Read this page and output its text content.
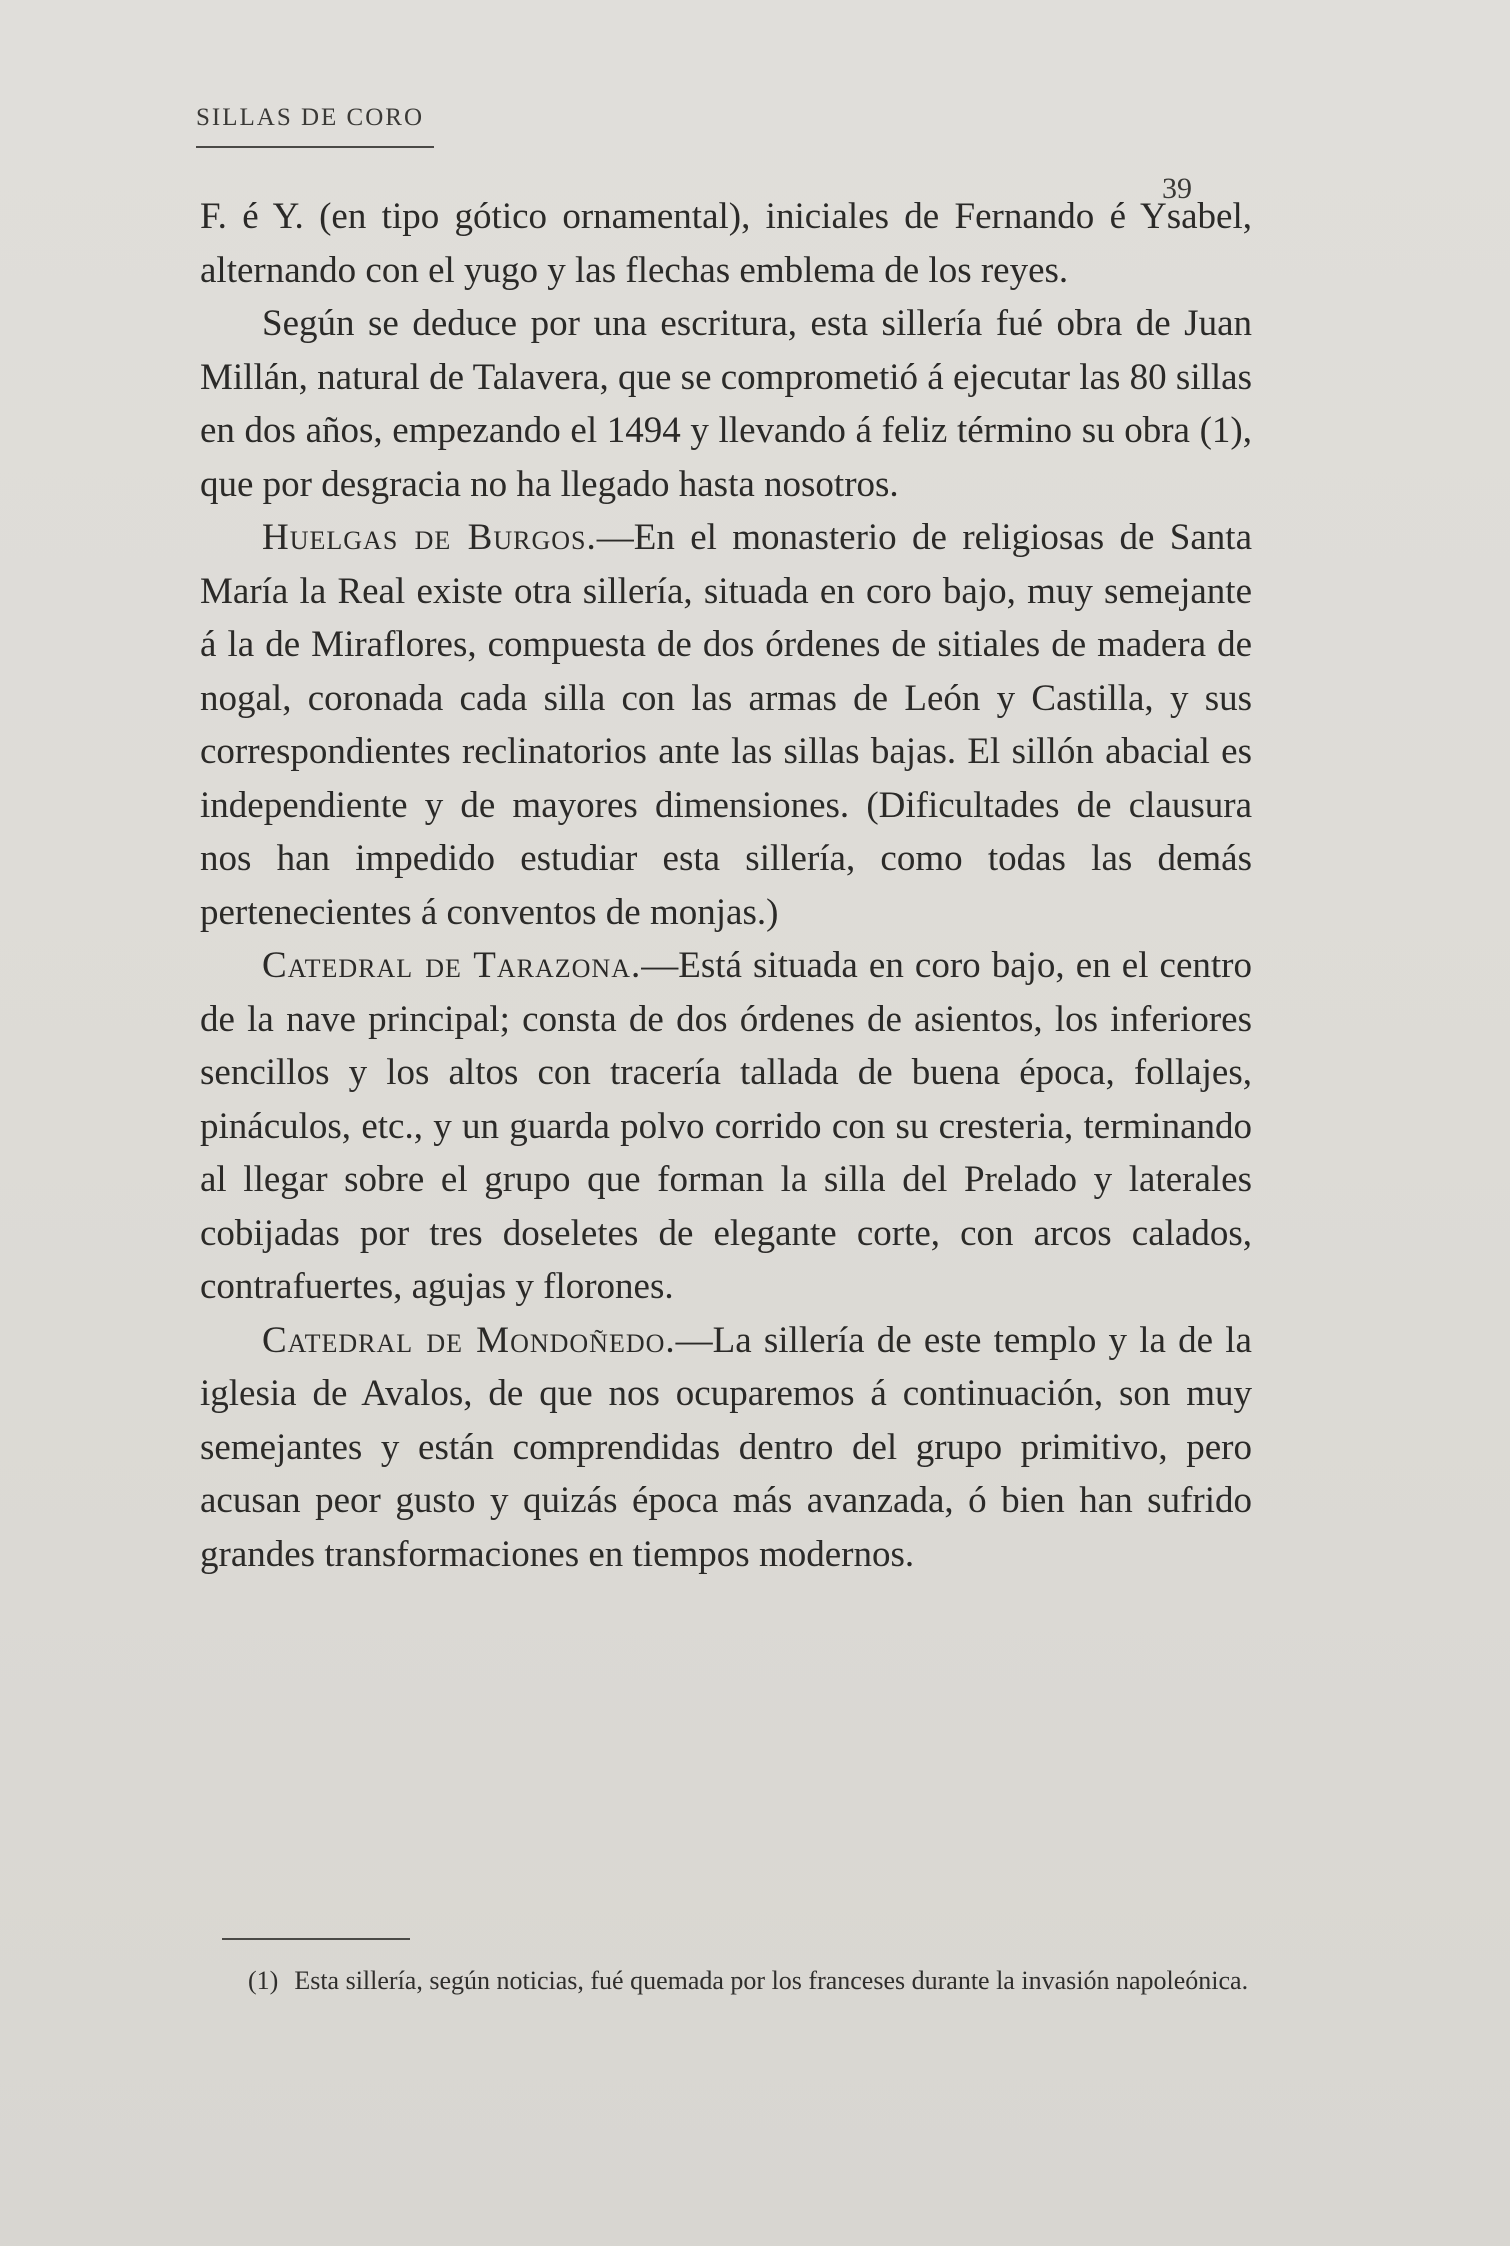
SILLAS DE CORO
39

F. é Y. (en tipo gótico ornamental), iniciales de Fernando é Ysabel, alternando con el yugo y las flechas emblema de los reyes.

Según se deduce por una escritura, esta sillería fué obra de Juan Millán, natural de Talavera, que se comprometió á ejecutar las 80 sillas en dos años, empezando el 1494 y llevando á feliz término su obra (1), que por desgracia no ha llegado hasta nosotros.

Huelgas de Burgos.—En el monasterio de religiosas de Santa María la Real existe otra sillería, situada en coro bajo, muy semejante á la de Miraflores, compuesta de dos órdenes de sitiales de madera de nogal, coronada cada silla con las armas de León y Castilla, y sus correspondientes reclinatorios ante las sillas bajas. El sillón abacial es independiente y de mayores dimensiones. (Dificultades de clausura nos han impedido estudiar esta sillería, como todas las demás pertenecientes á conventos de monjas.)

Catedral de Tarazona.—Está situada en coro bajo, en el centro de la nave principal; consta de dos órdenes de asientos, los inferiores sencillos y los altos con tracería tallada de buena época, follajes, pináculos, etc., y un guarda polvo corrido con su cresteria, terminando al llegar sobre el grupo que forman la silla del Prelado y laterales cobijadas por tres doseletes de elegante corte, con arcos calados, contrafuertes, agujas y florones.

Catedral de Mondoñedo.—La sillería de este templo y la de la iglesia de Avalos, de que nos ocuparemos á continuación, son muy semejantes y están comprendidas dentro del grupo primitivo, pero acusan peor gusto y quizás época más avanzada, ó bien han sufrido grandes transformaciones en tiempos modernos.

(1) Esta sillería, según noticias, fué quemada por los franceses durante la invasión napoleónica.
